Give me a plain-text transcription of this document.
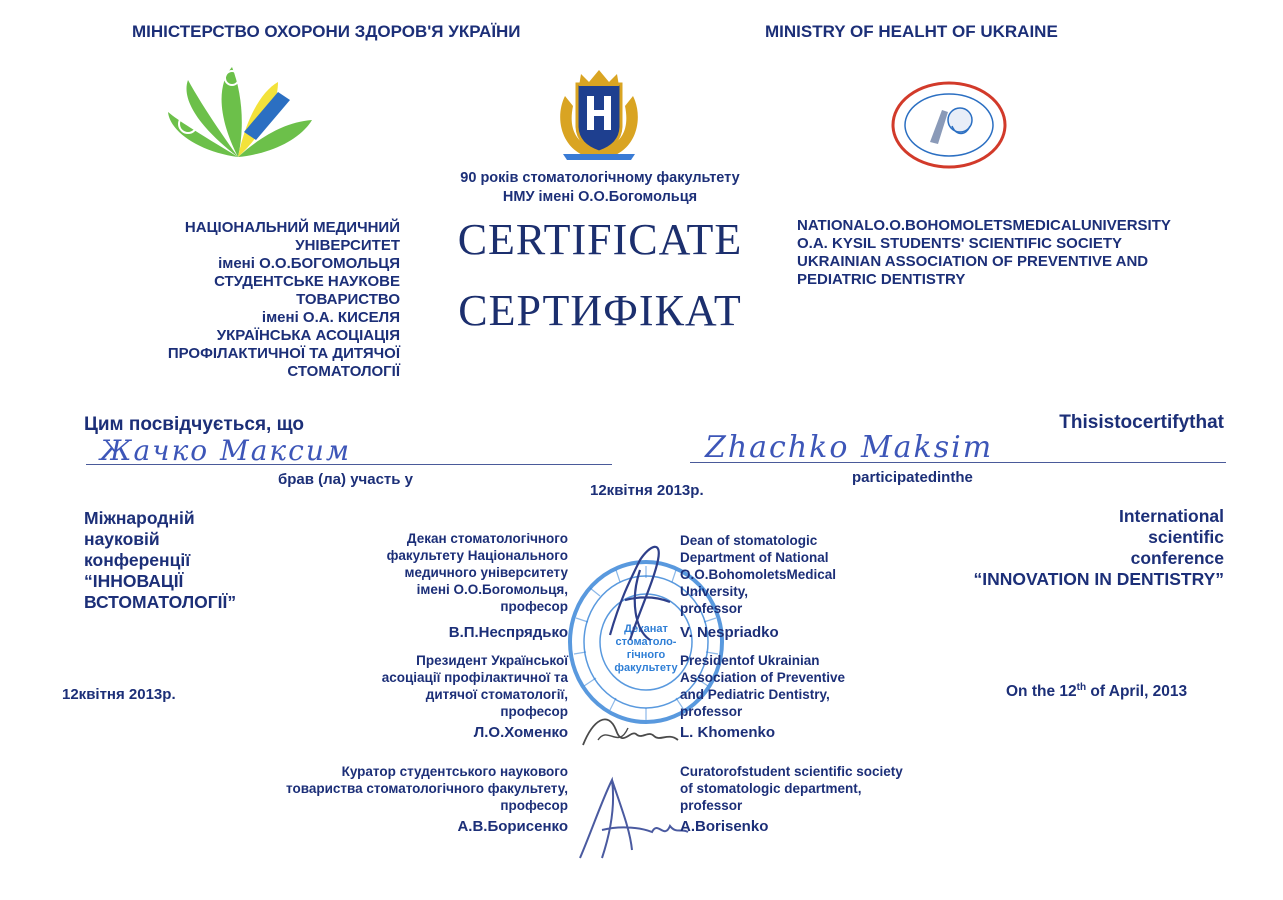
МІНІСТЕРСТВО ОХОРОНИ ЗДОРОВ'Я УКРАЇНИ	MINISTRY OF HEALHT OF UKRAINE
90 років стоматологічному факультету
НМУ імені О.О.Богомольця
CERTIFICATE
СЕРТИФІКАТ
НАЦІОНАЛЬНИЙ МЕДИЧНИЙ
УНІВЕРСИТЕТ
імені О.О.БОГОМОЛЬЦЯ
СТУДЕНТСЬКЕ НАУКОВЕ
ТОВАРИСТВО
імені О.А. КИСЕЛЯ
УКРАЇНСЬКА АСОЦІАЦІЯ
ПРОФІЛАКТИЧНОЇ ТА ДИТЯЧОЇ
СТОМАТОЛОГІЇ
NATIONALO.O.BOHOMOLETSMEDICALUNIVERSITY
O.A. KYSIL STUDENTS' SCIENTIFIC SOCIETY
UKRAINIAN ASSOCIATION OF PREVENTIVE AND
PEDIATRIC DENTISTRY
Цим посвідчується, що	Thisistocertifythat
Жачко Максим	Zhachko Maksim
брав (ла) участь у
12квітня 2013р.
participatedinthe
Міжнародній
науковій
конференції
“ІННОВАЦІЇ
ВСТОМАТОЛОГІЇ”
International
scientific
conference
“INNOVATION IN DENTISTRY”
12квітня 2013р.	On the 12th of April, 2013
Деканат
стоматоло-
гічного
факультету
Декан стоматологічного
факультету Національного
медичного університету
імені О.О.Богомольця,
професор
В.П.Неспрядько
Dean of stomatologic
Department of National
O.O.BohomoletsMedical
University,
professor
V. Nespriadko
Президент Української
асоціації профілактичної та
дитячої стоматології,
професор
Л.О.Хоменко
Presidentof Ukrainian
Association of Preventive
and Pediatric Dentistry,
professor
L. Khomenko
Куратор студентського наукового
товариства стоматологічного факультету,
професор
А.В.Борисенко
Curatorofstudent scientific society
of stomatologic department,
professor
A.Borisenko
